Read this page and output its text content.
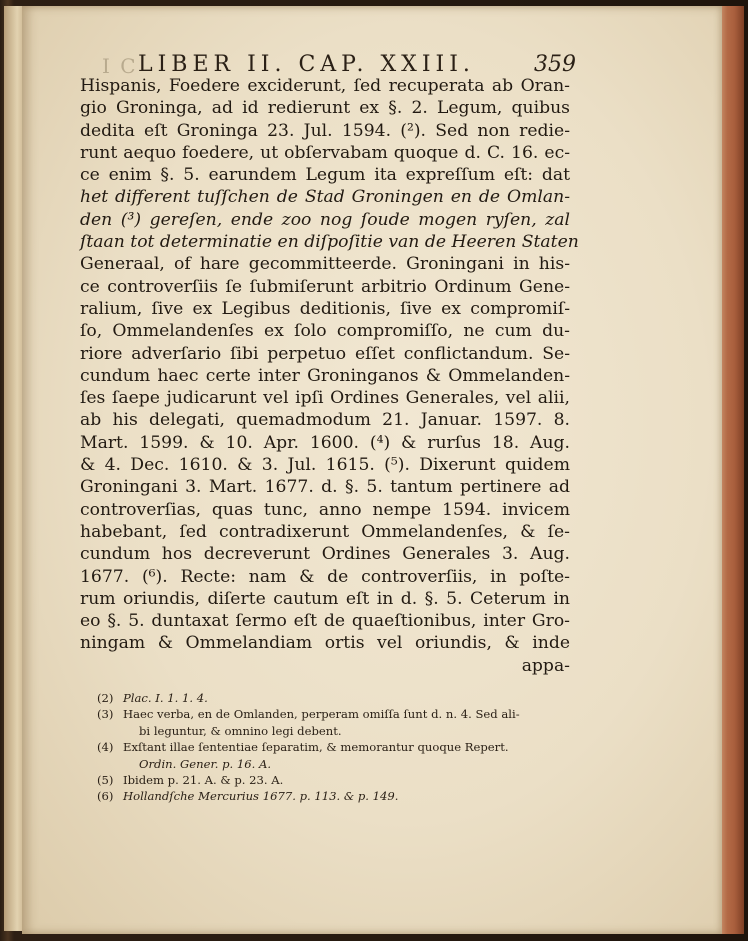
I C LIBER II. CAP. XXIII.	359
Hispanis, Foedere exciderunt, ſed recuperata ab Oran-
gio Groninga, ad id redierunt ex §. 2. Legum, quibus
dedita eſt Groninga 23. Jul. 1594. (²). Sed non redie-
runt aequo foedere, ut obſervabam quoque d. C. 16. ec-
ce enim §. 5. earundem Legum ita expreſſum eſt: dat
het different tuſſchen de Stad Groningen en de Omlan-
den (³) gereſen, ende zoo nog ſoude mogen ryſen, zal
ſtaan tot determinatie en diſpoſitie van de Heeren Staten
Generaal, of hare gecommitteerde. Groningani in his-
ce controverſiis ſe ſubmiſerunt arbitrio Ordinum Gene-
ralium, ſive ex Legibus deditionis, ſive ex compromiſ-
ſo, Ommelandenſes ex ſolo compromiſſo, ne cum du-
riore adverſario ſibi perpetuo eſſet conflictandum. Se-
cundum haec certe inter Groninganos & Ommelanden-
ſes ſaepe judicarunt vel ipſi Ordines Generales, vel alii,
ab his delegati, quemadmodum 21. Januar. 1597. 8.
Mart. 1599. & 10. Apr. 1600. (⁴) & rurſus 18. Aug.
& 4. Dec. 1610. & 3. Jul. 1615. (⁵). Dixerunt quidem
Groningani 3. Mart. 1677. d. §. 5. tantum pertinere ad
controverſias, quas tunc, anno nempe 1594. invicem
habebant, ſed contradixerunt Ommelandenſes, & ſe-
cundum hos decreverunt Ordines Generales 3. Aug.
1677. (⁶). Recte: nam & de controverſiis, in poſte-
rum oriundis, diſerte cautum eſt in d. §. 5. Ceterum in
eo §. 5. duntaxat ſermo eſt de quaeſtionibus, inter Gro-
ningam & Ommelandiam ortis vel oriundis, & inde
appa-
(2) Plac. I. 1. 1. 4.
(3) Haec verba, en de Omlanden, perperam omiſſa ſunt d. n. 4. Sed ali-
bi leguntur, & omnino legi debent.
(4) Exſtant illae ſententiae ſeparatim, & memorantur quoque Repert.
Ordin. Gener. p. 16. A.
(5) Ibidem p. 21. A. & p. 23. A.
(6) Hollandſche Mercurius 1677. p. 113. & p. 149.
